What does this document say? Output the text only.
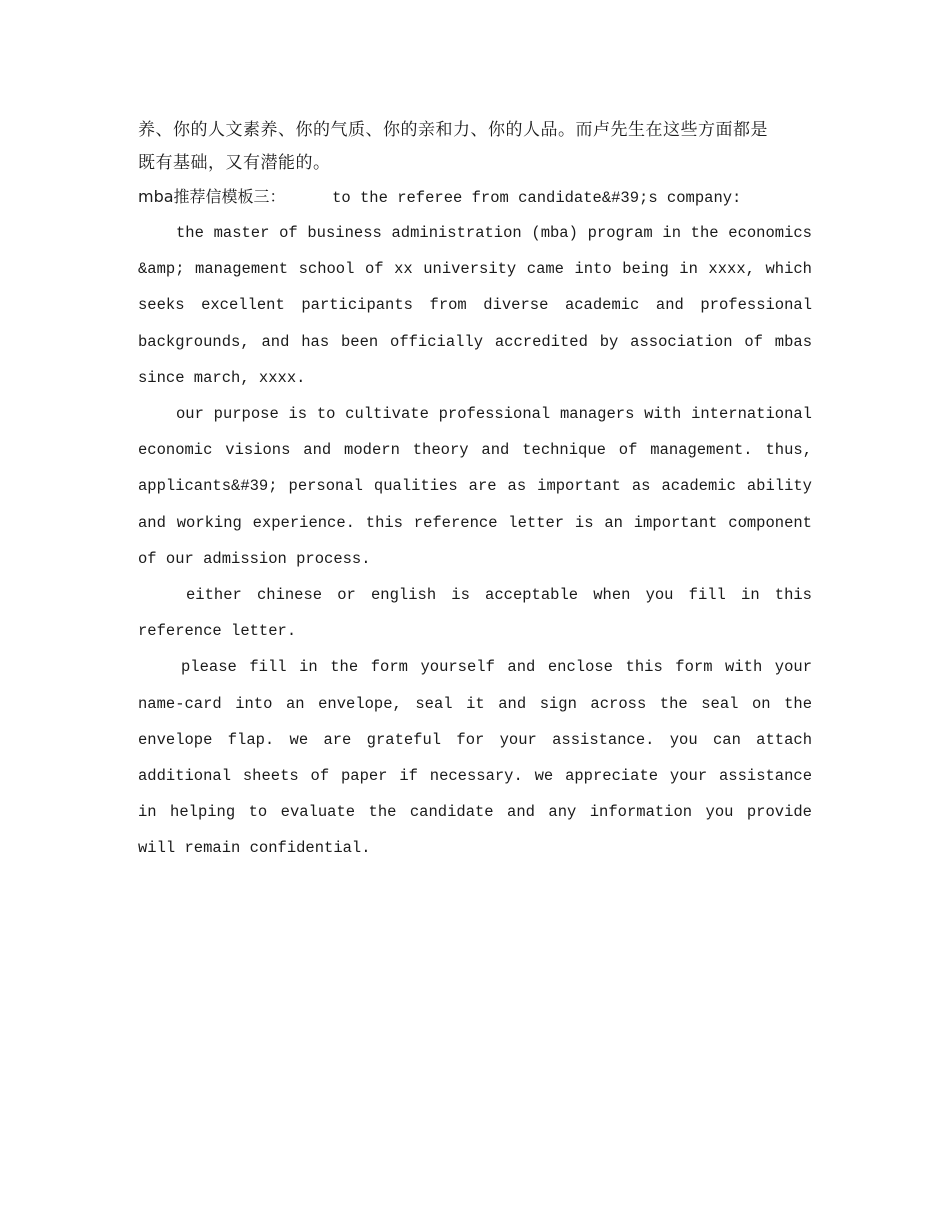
养、你的人文素养、你的气质、你的亲和力、你的人品。而卢先生在这些方面都是

既有基础，又有潜能的。

mba推荐信模板三：	to the referee from candidate&#39;s company:

the master of business administration (mba) program in the economics &amp; management school of xx university came into being in xxxx, which seeks excellent participants from diverse academic and professional backgrounds, and has been officially accredited by association of mbas since march, xxxx.

our purpose is to cultivate professional managers with international economic visions and modern theory and technique of management. thus, applicants&#39; personal qualities are as important as academic ability and working experience. this reference letter is an important component of our admission process.

either chinese or english is acceptable when you fill in this reference letter.

please fill in the form yourself and enclose this form with your name-card into an envelope, seal it and sign across the seal on the envelope flap. we are grateful for your assistance. you can attach additional sheets of paper if necessary. we appreciate your assistance in helping to evaluate the candidate and any information you provide will remain confidential.
